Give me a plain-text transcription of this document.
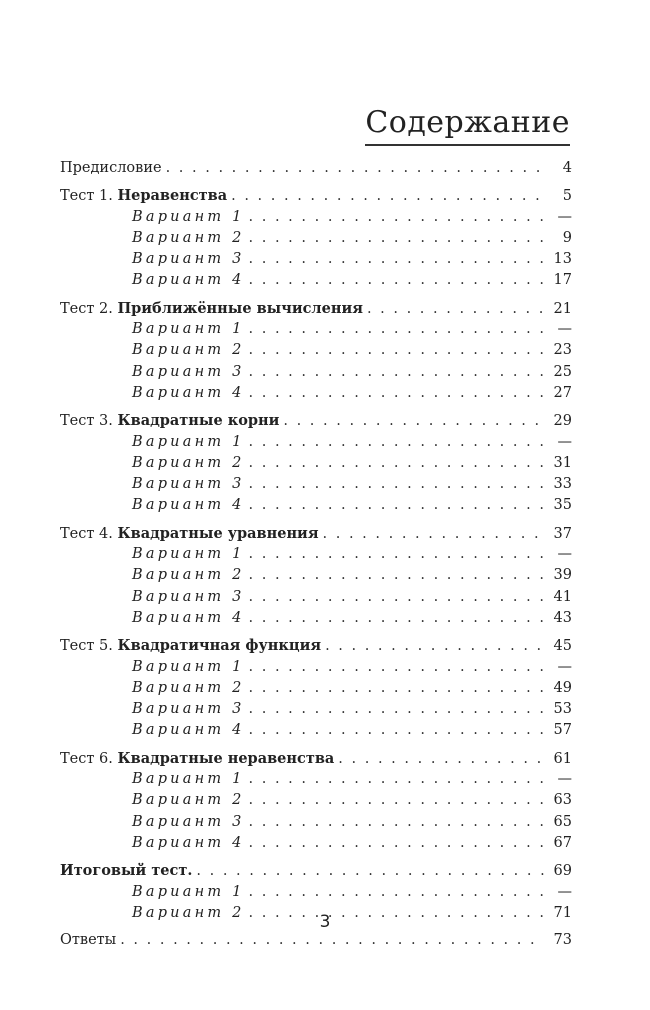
Содержание
Предисловие . . .	4
Тест 1. Неравенства . . .	5
Вариант 1 . . .	—
Вариант 2 . . .	9
Вариант 3 . . .	13
Вариант 4 . . .	17
Тест 2. Приближённые вычисления . . .	21
Вариант 1 . . .	—
Вариант 2 . . .	23
Вариант 3 . . .	25
Вариант 4 . . .	27
Тест 3. Квадратные корни . . .	29
Вариант 1 . . .	—
Вариант 2 . . .	31
Вариант 3 . . .	33
Вариант 4 . . .	35
Тест 4. Квадратные уравнения . . .	37
Вариант 1 . . .	—
Вариант 2 . . .	39
Вариант 3 . . .	41
Вариант 4 . . .	43
Тест 5. Квадратичная функция . . .	45
Вариант 1 . . .	—
Вариант 2 . . .	49
Вариант 3 . . .	53
Вариант 4 . . .	57
Тест 6. Квадратные неравенства . . .	61
Вариант 1 . . .	—
Вариант 2 . . .	63
Вариант 3 . . .	65
Вариант 4 . . .	67
Итоговый тест. . . .	69
Вариант 1 . . .	—
Вариант 2 . . .	71
Ответы . . .	73
3
